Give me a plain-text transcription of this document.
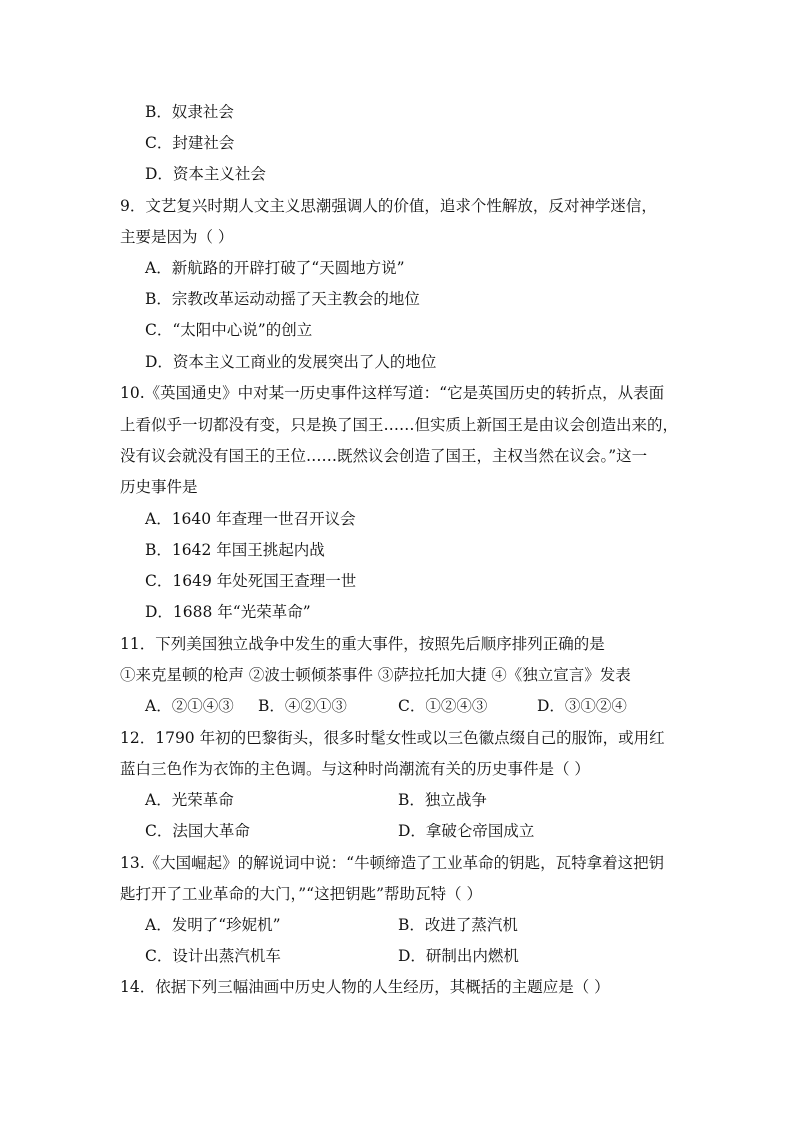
B．奴隶社会
C．封建社会
D．资本主义社会
9．文艺复兴时期人文主义思潮强调人的价值，追求个性解放，反对神学迷信，
主要是因为（ ）
A．新航路的开辟打破了“天圆地方说”
B．宗教改革运动动摇了天主教会的地位
C．“太阳中心说”的创立
D．资本主义工商业的发展突出了人的地位
10.《英国通史》中对某一历史事件这样写道：“它是英国历史的转折点，从表面
上看似乎一切都没有变，只是换了国王……但实质上新国王是由议会创造出来的，
没有议会就没有国王的王位……既然议会创造了国王，主权当然在议会。”这一
历史事件是
A．1640 年查理一世召开议会
B．1642 年国王挑起内战
C．1649 年处死国王查理一世
D．1688 年“光荣革命”
11．下列美国独立战争中发生的重大事件，按照先后顺序排列正确的是
①来克星顿的枪声 ②波士顿倾茶事件 ③萨拉托加大捷 ④《独立宣言》发表
A．②①④③ B．④②①③	C．①②④③	D．③①②④
12．1790 年初的巴黎街头，很多时髦女性或以三色徽点缀自己的服饰，或用红
蓝白三色作为衣饰的主色调。与这种时尚潮流有关的历史事件是（ ）
A．光荣革命	B．独立战争
C．法国大革命	D．拿破仑帝国成立
13.《大国崛起》的解说词中说：“牛顿缔造了工业革命的钥匙，瓦特拿着这把钥
匙打开了工业革命的大门，”“这把钥匙”帮助瓦特（ ）
A．发明了“珍妮机”	B．改进了蒸汽机
C．设计出蒸汽机车	D．研制出内燃机
14．依据下列三幅油画中历史人物的人生经历，其概括的主题应是（ ）
